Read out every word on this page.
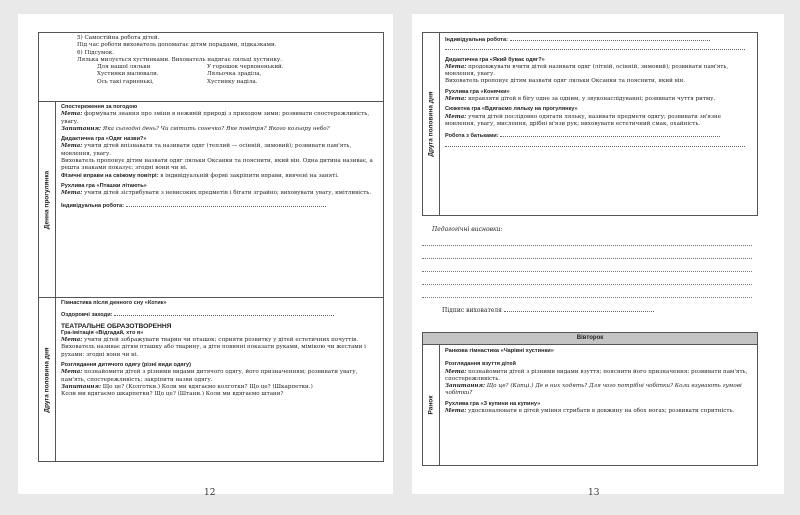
5) Самостійна робота дітей.

Під час роботи вихователь допомагає дітям порадами, підказками.

6) Підсумок.

Лялька милується хустинками. Вихователь надягає ляльці хустинку.

Для нашої ляльки	У горошок червоненький.
Хустинки малювали.	Ляльочка зраділа,
Ось такі гарненькі,	Хустинку наділа.
Денна прогулянка

Спостереження за погодою

Мета: формувати знання про зміни в неживій природі з приходом зими; розвивати спостережливість, увагу.

Запитання: Яка сьогодні день? Чи світить сонечко? Яке повітря? Якого кольору небо?

Дидактична гра «Одяг назви?»

Мета: учити дітей впізнавати та називати одяг (теплий — осінній, зимовий); розвивати пам'ять, мовлення, увагу.

Вихователь пропонує дітям назвати одяг ляльки Оксанки та пояснити, який він. Одна дитина називає, а решта знаками показує: згодні вони чи ні.

Фізичні вправи на свіжому повітрі: в індивідуальній формі закріпити вправи, вивчені на заняті.

Рухлива гра «Пташки літають»

Мета: учити дітей зістрибувати з невисоких предметів і бігати зграйно; виховувати увагу, кмітливість.

Індивідуальна робота:

Друга половина дня

Гімнастика після денного сну «Котик»

Оздоровчі заходи:

ТЕАТРАЛЬНЕ ОБРАЗОТВОРЕННЯ

Гра-імітація «Відгадай, хто я»

Мета: учити дітей зображувати тварин чи пташок; сприяти розвитку у дітей естетичних почуттів.

Вихователь називає дітям пташку або тварину, а діти повинні показати руками, мімікою чи жестами і рухами: згодні вони чи ні.

Розглядання дитячого одягу (різні види одягу)

Мета: познайомити дітей з різними видами дитячого одягу, його призначенням; розвивати увагу, пам'ять, спостережливість; закріпити назви одягу.

Запитання: Що це? (Колготки.) Коли ми вдягаємо колготки? Що це? (Шкарпетки.)

Коли ми вдягаємо шкарпетки? Що це? (Штани.) Коли ми вдягаємо штани?

12
Друга половина дня

Індивідуальна робота:

Дидактична гра «Який буває одяг?»

Мета: продовжувати вчити дітей називати одяг (літній, осінній, зимовий); розвивати пам'ять, мовлення, увагу.

Вихователь пропонує дітям назвати одяг ляльки Оксанки та пояснити, який він.

Рухлива гра «Конячки»

Мета: вправляти дітей в бігу одне за одним, у звуконаслідуванні; розвивати чуття ритму.

Сюжетна гра «Вдягаємо ляльку на прогулянку»

Мета: учити дітей послідовно одягати ляльку, називати предмети одягу; розвивати зв'язне мовлення, увагу, мислення, дрібні м'язи рук; виховувати естетичний смак, охайність.

Робота з батьками:

Педагогічні висновки:
Підпис вихователя
Вівторок
Ранок

Ранкова гімнастика «Чарівні хустинки»

Розглядання взуття дітей

Мета: познайомити дітей з різними видами взуття; пояснити його призначення; розвивати пам'ять, спостережливість.

Запитання: Що це? (Капці.) Де в них ходять? Для чого потрібні чобітки? Коли взувають гумові чобітки?

Рухлива гра «З купини на купину»

Мета: удосконалювати в дітей уміння стрибати в довжину на обох ногах; розвивати спритність.

13
